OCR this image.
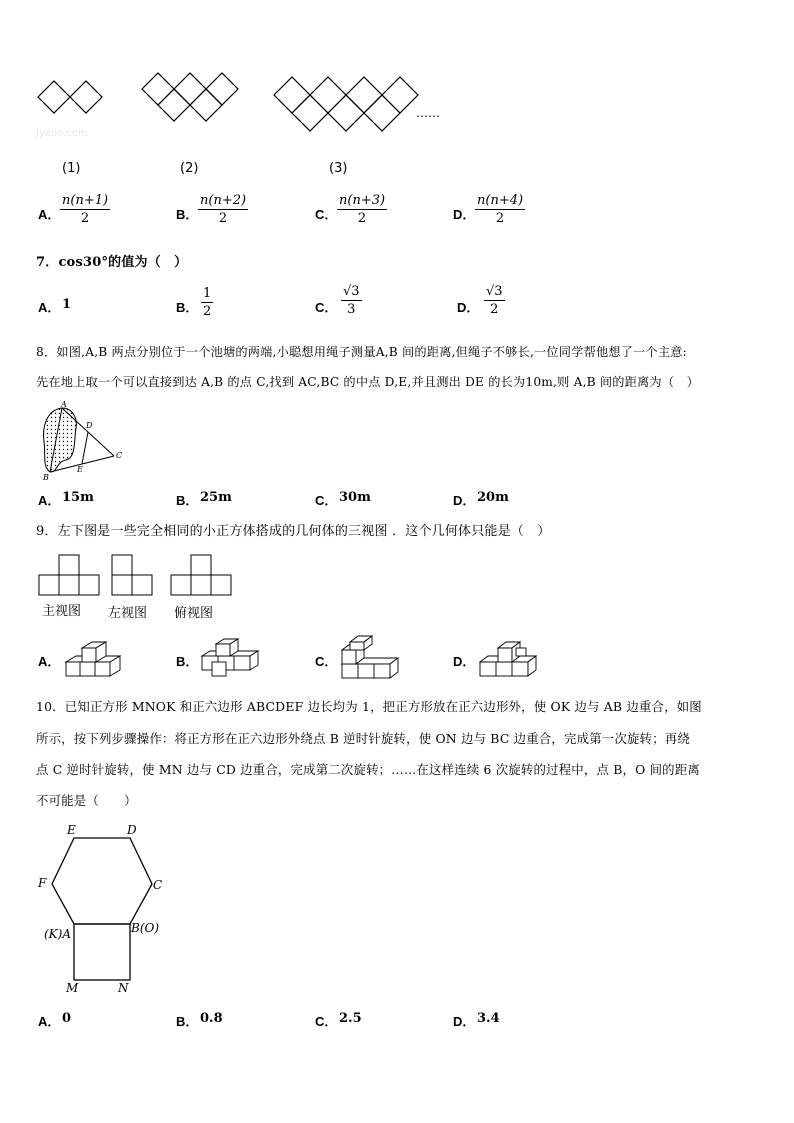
Jyeoo.com
……
(1)	(2)	(3)
A． $\frac{n(n+1)}{2}$	B． $\frac{n(n+2)}{2}$	C． $\frac{n(n+3)}{2}$	D． $\frac{n(n+4)}{2}$
7．cos30°的值为（　）
A． 1	B． $\frac{1}{2}$	C． $\frac{√3}{3}$	D． $\frac{√3}{2}$
8．如图,A,B 两点分别位于一个池塘的两端,小聪想用绳子测量A,B 间的距离,但绳子不够长,一位同学帮他想了一个主意:
先在地上取一个可以直接到达 A,B 的点 C,找到 AC,BC 的中点 D,E,并且测出 DE 的长为10m,则 A,B 间的距离为（　）
A
B
C
D
E
A． 15m	B． 25m	C． 30m	D． 20m
9．左下图是一些完全相同的小正方体搭成的几何体的三视图 ．这个几何体只能是（　）
主视图 左视图 俯视图
A．	B．	C．	D．
10．已知正方形 MNOK 和正六边形 ABCDEF 边长均为 1，把正方形放在正六边形外，使 OK 边与 AB 边重合，如图
所示，按下列步骤操作：将正方形在正六边形外绕点 B 逆时针旋转，使 ON 边与 BC 边重合，完成第一次旋转；再绕
点 C 逆时针旋转，使 MN 边与 CD 边重合，完成第二次旋转；……在这样连续 6 次旋转的过程中，点 B，O 间的距离
不可能是（　　）
E	D
F	C
(K)A	B(O)
M	N
A． 0	B． 0.8	C． 2.5	D． 3.4
